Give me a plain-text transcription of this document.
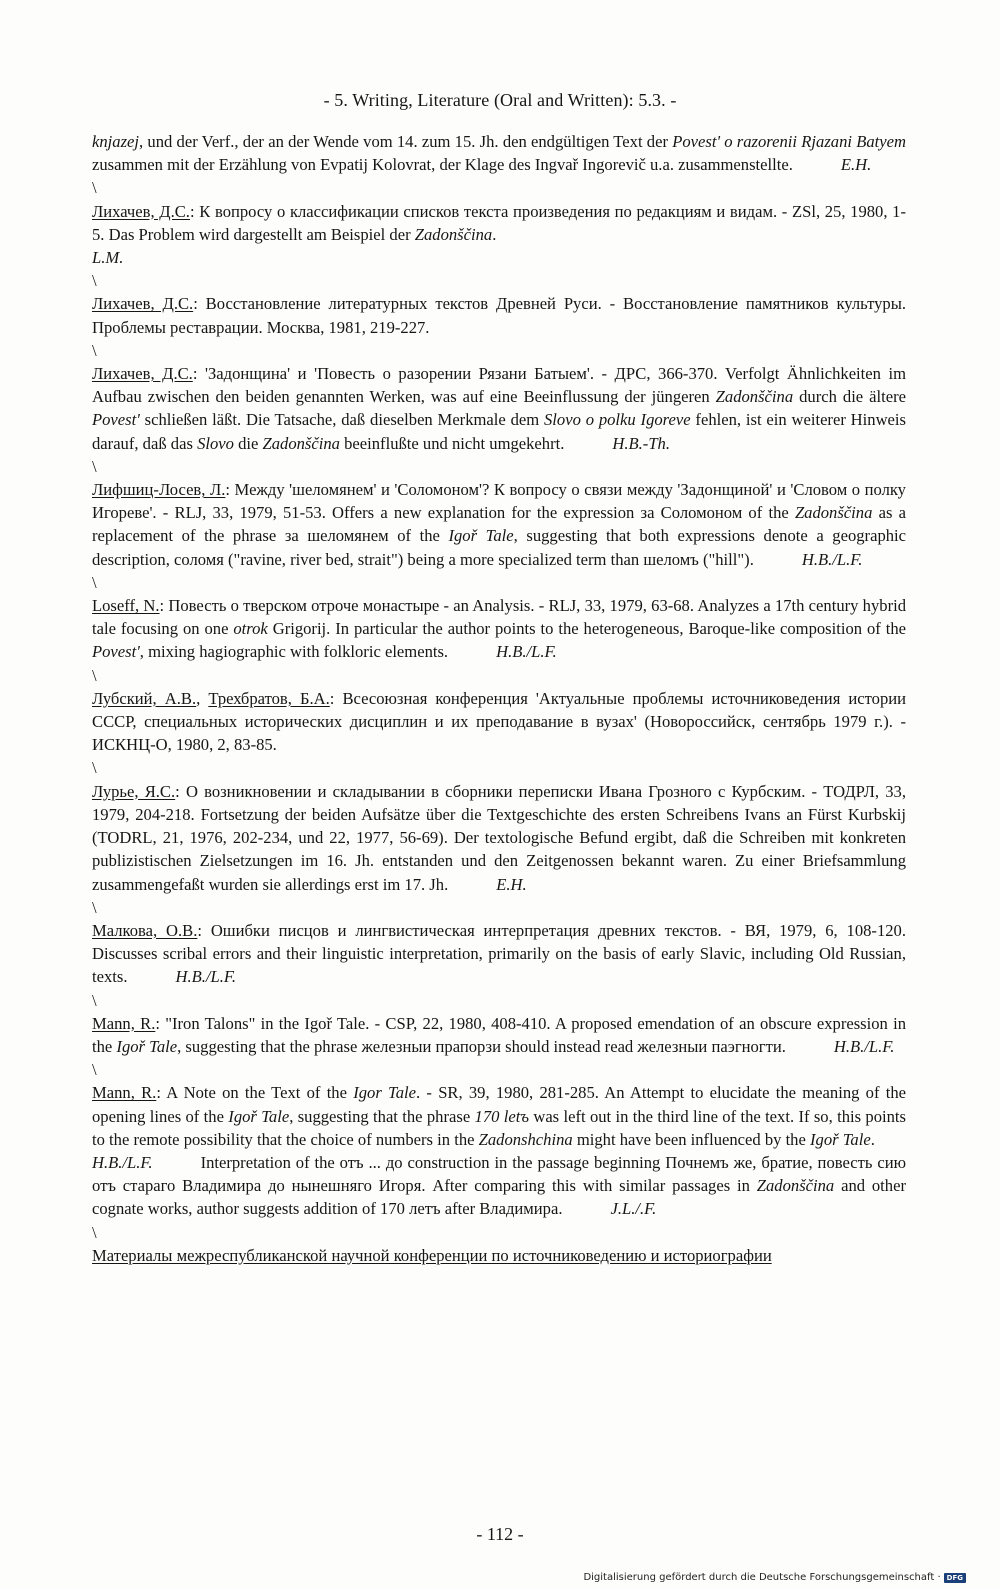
- 5. Writing, Literature (Oral and Written): 5.3. -

knjazej, und der Verf., der an der Wende vom 14. zum 15. Jh. den endgültigen Text der Povest' o razorenii Rjazani Batyem zusammen mit der Erzählung von Evpatij Kolovrat, der Klage des Ingvař Ingorevič u.a. zusammenstellte.	E.H.

\

Лихачев, Д.С.: К вопросу о классификации списков текста произведения по редакциям и видам. - ZSl, 25, 1980, 1-5. Das Problem wird dargestellt am Beispiel der Zadonščina.
L.M.

\

Лихачев, Д.С.: Восстановление литературных текстов Древней Руси. - Восстановление памятников культуры. Проблемы реставрации. Москва, 1981, 219-227.

\

Лихачев, Д.С.: 'Задонщина' и 'Повесть о разорении Рязани Батыем'. - ДРС, 366-370. Verfolgt Ähnlichkeiten im Aufbau zwischen den beiden genannten Werken, was auf eine Beeinflussung der jüngeren Zadonščina durch die ältere Povest' schließen läßt. Die Tatsache, daß dieselben Merkmale dem Slovo o polku Igoreve fehlen, ist ein weiterer Hinweis darauf, daß das Slovo die Zadonščina beeinflußte und nicht umgekehrt.	H.B.-Th.

\

Лифшиц-Лосев, Л.: Между 'шеломянем' и 'Соломоном'? К вопросу о связи между 'Задонщиной' и 'Словом о полку Игореве'. - RLJ, 33, 1979, 51-53. Offers a new explanation for the expression за Соломоном of the Zadonščina as a replacement of the phrase за шеломянем of the Igoř Tale, suggesting that both expressions denote a geographic description, соломя ("ravine, river bed, strait") being a more specialized term than шеломъ ("hill").	H.B./L.F.

\

Loseff, N.: Повесть о тверском отроче монастыре - an Analysis. - RLJ, 33, 1979, 63-68. Analyzes a 17th century hybrid tale focusing on one otrok Grigorij. In particular the author points to the heterogeneous, Baroque-like composition of the Povest', mixing hagiographic with folkloric elements.	H.B./L.F.

\

Лубский, А.В., Трехбратов, Б.А.: Всесоюзная конференция 'Актуальные проблемы источниковедения истории СССР, специальных исторических дисциплин и их преподавание в вузах' (Новороссийск, сентябрь 1979 г.). - ИСКНЦ-О, 1980, 2, 83-85.

\

Лурье, Я.С.: О возникновении и складывании в сборники переписки Ивана Грозного с Курбским. - ТОДРЛ, 33, 1979, 204-218. Fortsetzung der beiden Aufsätze über die Textgeschichte des ersten Schreibens Ivans an Fürst Kurbskij (TODRL, 21, 1976, 202-234, und 22, 1977, 56-69). Der textologische Befund ergibt, daß die Schreiben mit konkreten publizistischen Zielsetzungen im 16. Jh. entstanden und den Zeitgenossen bekannt waren. Zu einer Briefsammlung zusammengefaßt wurden sie allerdings erst im 17. Jh.	E.H.

\

Малкова, О.В.: Ошибки писцов и лингвистическая интерпретация древних текстов. - ВЯ, 1979, 6, 108-120. Discusses scribal errors and their linguistic interpretation, primarily on the basis of early Slavic, including Old Russian, texts.	H.B./L.F.

\

Mann, R.: "Iron Talons" in the Igoř Tale. - CSP, 22, 1980, 408-410. A proposed emendation of an obscure expression in the Igoř Tale, suggesting that the phrase железныи прапорзи should instead read железныи паэгногти.	H.B./L.F.

\

Mann, R.: A Note on the Text of the Igor Tale. - SR, 39, 1980, 281-285. An Attempt to elucidate the meaning of the opening lines of the Igoř Tale, suggesting that the phrase 170 letъ was left out in the third line of the text. If so, this points to the remote possibility that the choice of numbers in the Zadonshchina might have been influenced by the Igoř Tale.
H.B./L.F.	Interpretation of the отъ ... до construction in the passage beginning Почнемъ же, братие, повесть сию отъ стараго Владимира до нынешняго Игоря. After comparing this with similar passages in Zadonščina and other cognate works, author suggests addition of 170 летъ after Владимира.	J.L./.F.

\

Материалы межреспубликанской научной конференции по источниковедению и историографии

- 112 -
Digitalisierung gefördert durch die Deutsche Forschungsgemeinschaft · DFG
